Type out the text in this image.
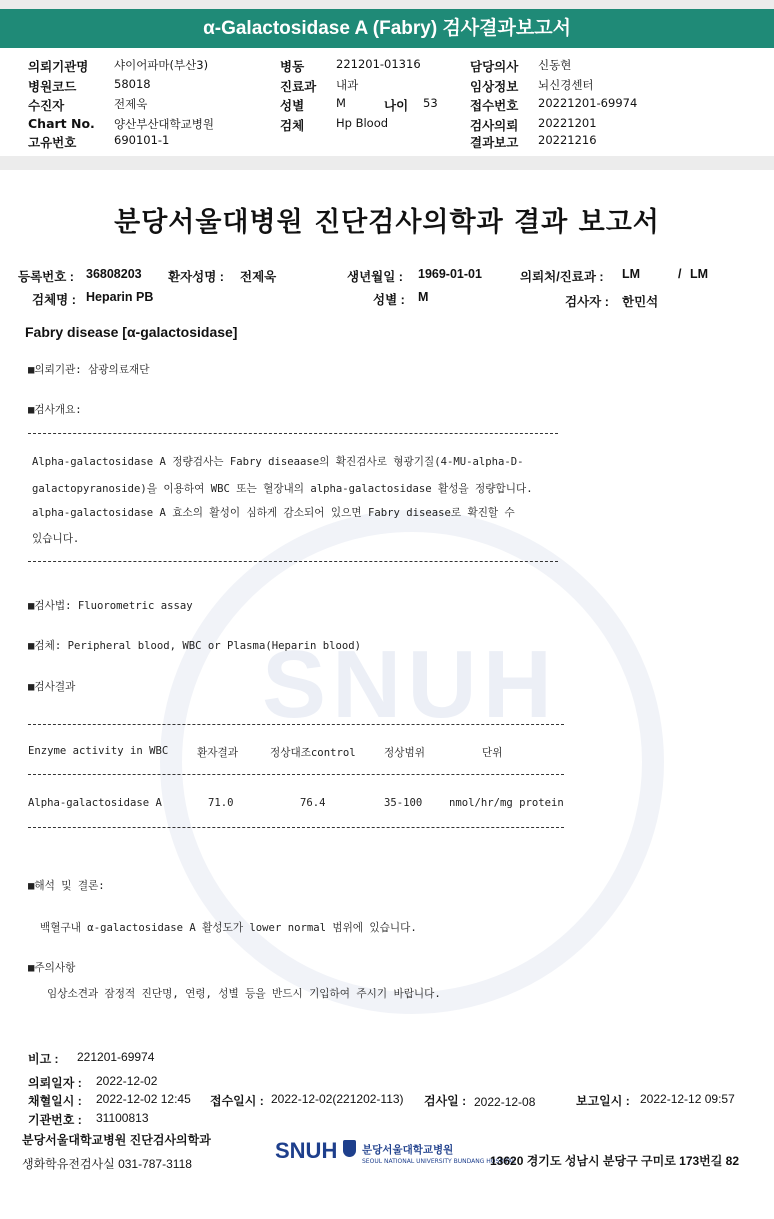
α-Galactosidase A (Fabry) 검사결과보고서
의뢰기관명 샤이어파마(부산3)
병원코드	58018
수진자	전제욱
Chart No. 양산부산대학교병원
고유번호	690101-1
병동	221201-01316
진료과 내과
성별	M	나이 53
검체	Hp Blood
담당의사 신동현
임상정보 뇌신경센터
접수번호 20221201-69974
검사의뢰 20221201
결과보고 20221216
SNUH
분당서울대병원 진단검사의학과 결과 보고서
등록번호 : 36808203 환자성명 : 전제욱	생년월일 : 1969-01-01	의뢰처/진료과 : LM	/ LM
검체명 : Heparin PB	성별 : M	검사자 : 한민석
Fabry disease [α-galactosidase]
■의뢰기관: 삼광의료재단
■검사개요:
Alpha-galactosidase A 정량검사는 Fabry diseaase의 확진검사로 형광기질(4-MU-alpha-D-
galactopyranoside)을 이용하여 WBC 또는 혈장내의 alpha-galactosidase 활성을 정량합니다.
alpha-galactosidase A 효소의 활성이 심하게 감소되어 있으면 Fabry disease로 확진할 수
있습니다.
■검사법: Fluorometric assay
■검체: Peripheral blood, WBC or Plasma(Heparin blood)
■검사결과
Enzyme activity in WBC	환자결과	정상대조control	정상범위	단위
Alpha-galactosidase A	71.0	76.4	35-100	nmol/hr/mg protein
■해석 및 결론:
백혈구내 α-galactosidase A 활성도가 lower normal 범위에 있습니다.
■주의사항
임상소견과 잠정적 진단명, 연령, 성별 등을 반드시 기입하여 주시기 바랍니다.
비고 : 221201-69974
의뢰일자 : 2022-12-02
채혈일시 : 2022-12-02 12:45 접수일시 : 2022-12-02(221202-113) 검사일 : 2022-12-08	보고일시 : 2022-12-12 09:57
기관번호 : 31100813
분당서울대학교병원 진단검사의학과
생화학유전검사실 031-787-3118
SNUH 분당서울대학교병원
SEOUL NATIONAL UNIVERSITY BUNDANG HOSPITAL
13620 경기도 성남시 분당구 구미로 173번길 82
